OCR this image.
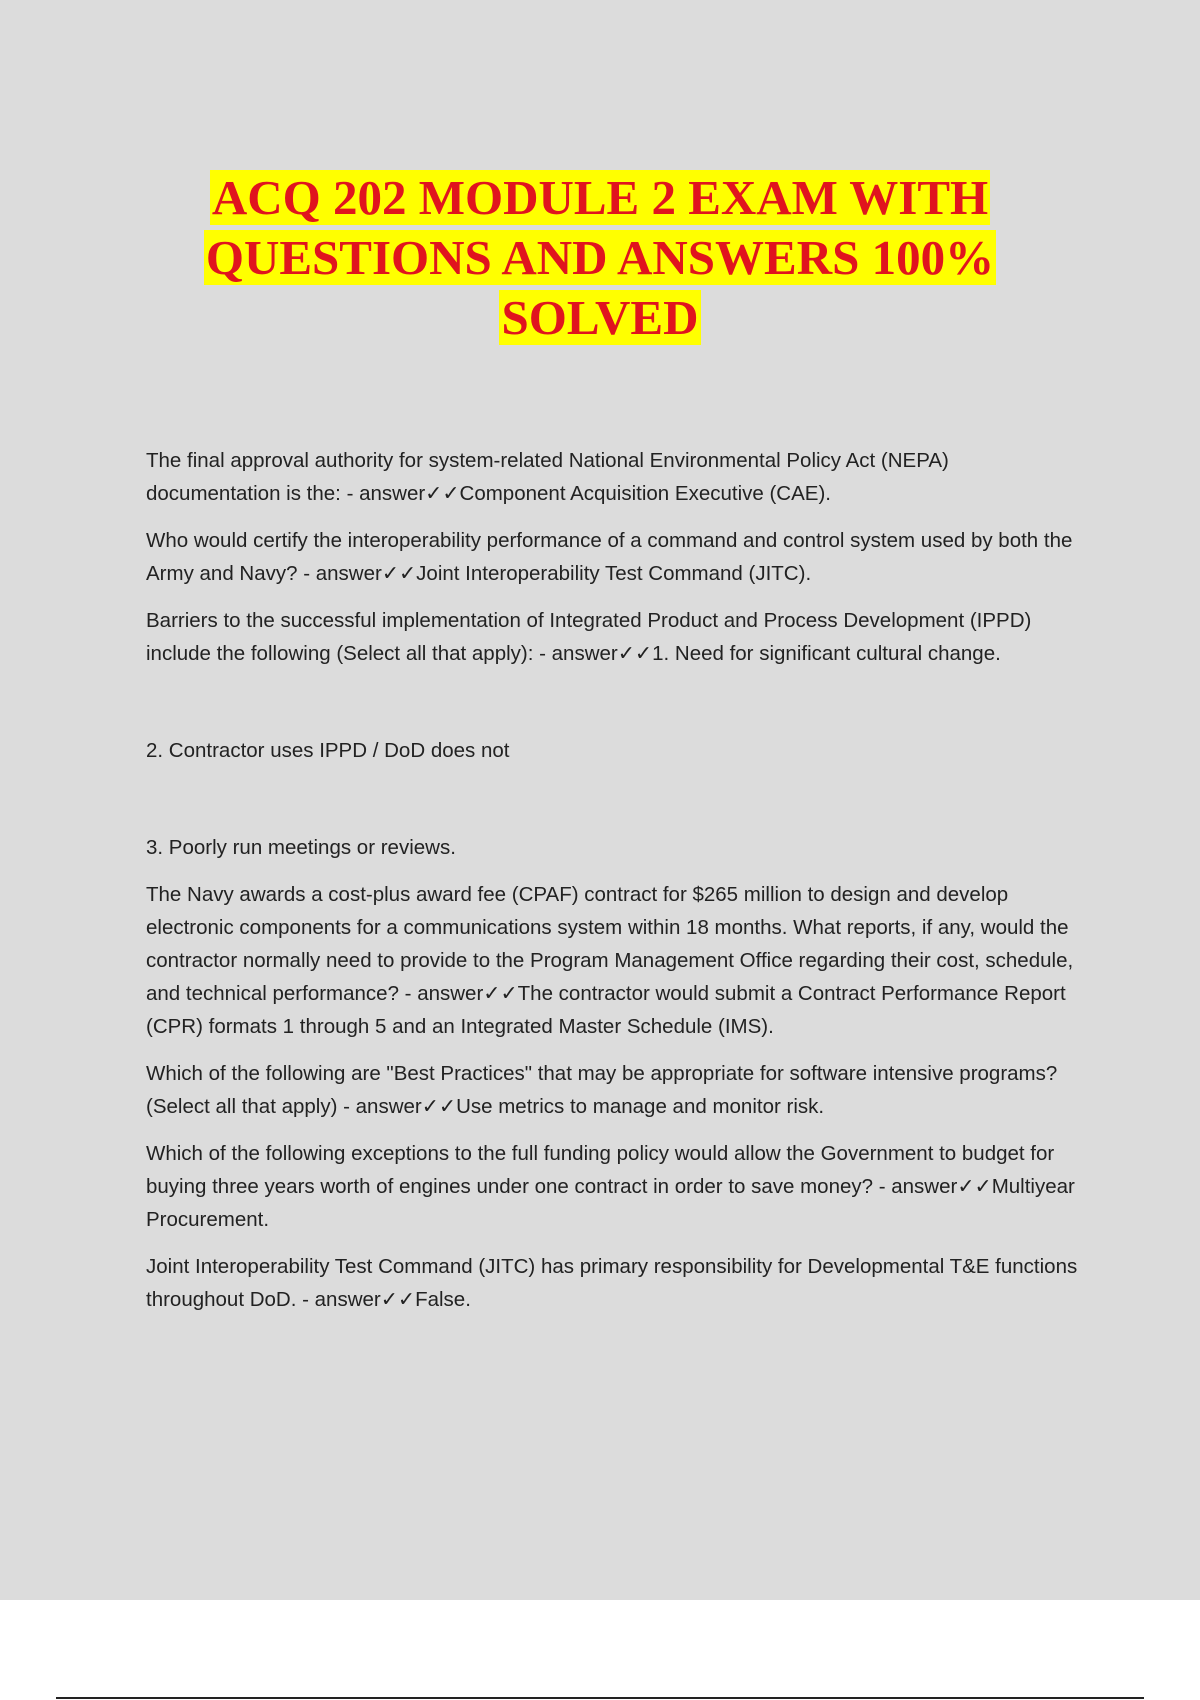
ACQ 202 MODULE 2 EXAM WITH
QUESTIONS AND ANSWERS 100%
SOLVED

The final approval authority for system-related National Environmental Policy Act (NEPA) documentation is the: - answer✓✓Component Acquisition Executive (CAE).

Who would certify the interoperability performance of a command and control system used by both the Army and Navy? - answer✓✓Joint Interoperability Test Command (JITC).

Barriers to the successful implementation of Integrated Product and Process Development (IPPD) include the following (Select all that apply): - answer✓✓1. Need for significant cultural change.

2. Contractor uses IPPD / DoD does not

3. Poorly run meetings or reviews.

The Navy awards a cost-plus award fee (CPAF) contract for $265 million to design and develop electronic components for a communications system within 18 months. What reports, if any, would the contractor normally need to provide to the Program Management Office regarding their cost, schedule, and technical performance? - answer✓✓The contractor would submit a Contract Performance Report (CPR) formats 1 through 5 and an Integrated Master Schedule (IMS).

Which of the following are "Best Practices" that may be appropriate for software intensive programs? (Select all that apply) - answer✓✓Use metrics to manage and monitor risk.

Which of the following exceptions to the full funding policy would allow the Government to budget for buying three years worth of engines under one contract in order to save money? - answer✓✓Multiyear Procurement.

Joint Interoperability Test Command (JITC) has primary responsibility for Developmental T&E functions throughout DoD. - answer✓✓False.
